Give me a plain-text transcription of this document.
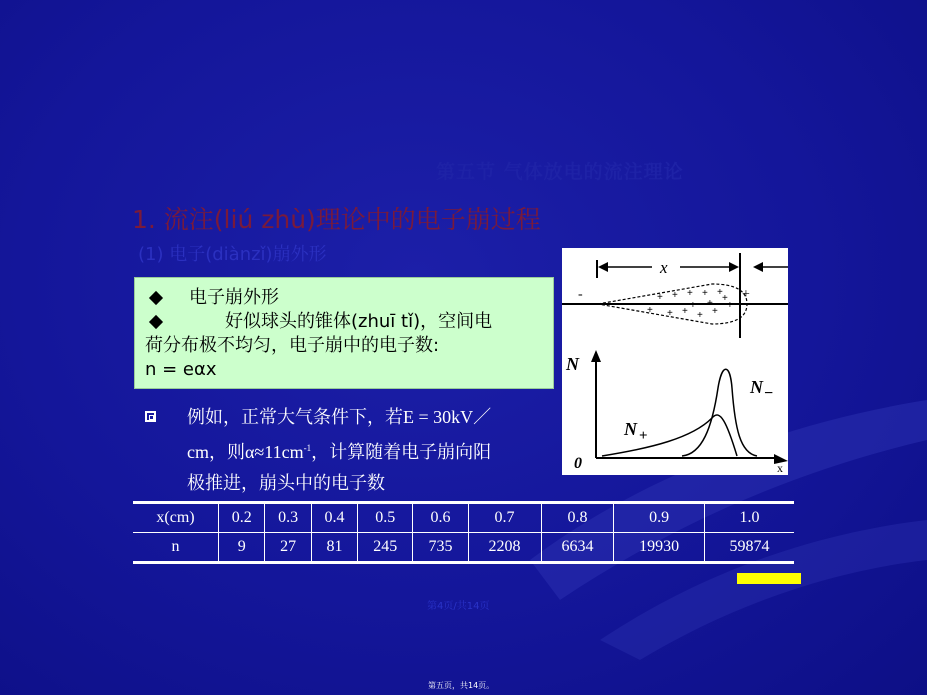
第五节 气体放电的流注理论
1. 流注(liú zhù)理论中的电子崩过程
(1) 电子(diànzǐ)崩外形
电子崩外形
好似球头的锥体(zhuī tǐ)，空间电
荷分布极不均匀，电子崩中的电子数:
n = eαx
例如，正常大气条件下，若E = 30kV／
cm，则$\alpha\approx 11cm^{-1}$，计算随着电子崩向阳
极推进，崩头中的电子数
x
-	+
+ + + + +
+ + + + +
+
+ +
+
N
0	x
N −
N +
x(cm)	0.2	0.3	0.4	0.5	0.6	0.7	0.8	0.9	1.0
n	9	27	81	245	735	2208	6634	19930	59874
第4页/共14页
第五页，共14页。
